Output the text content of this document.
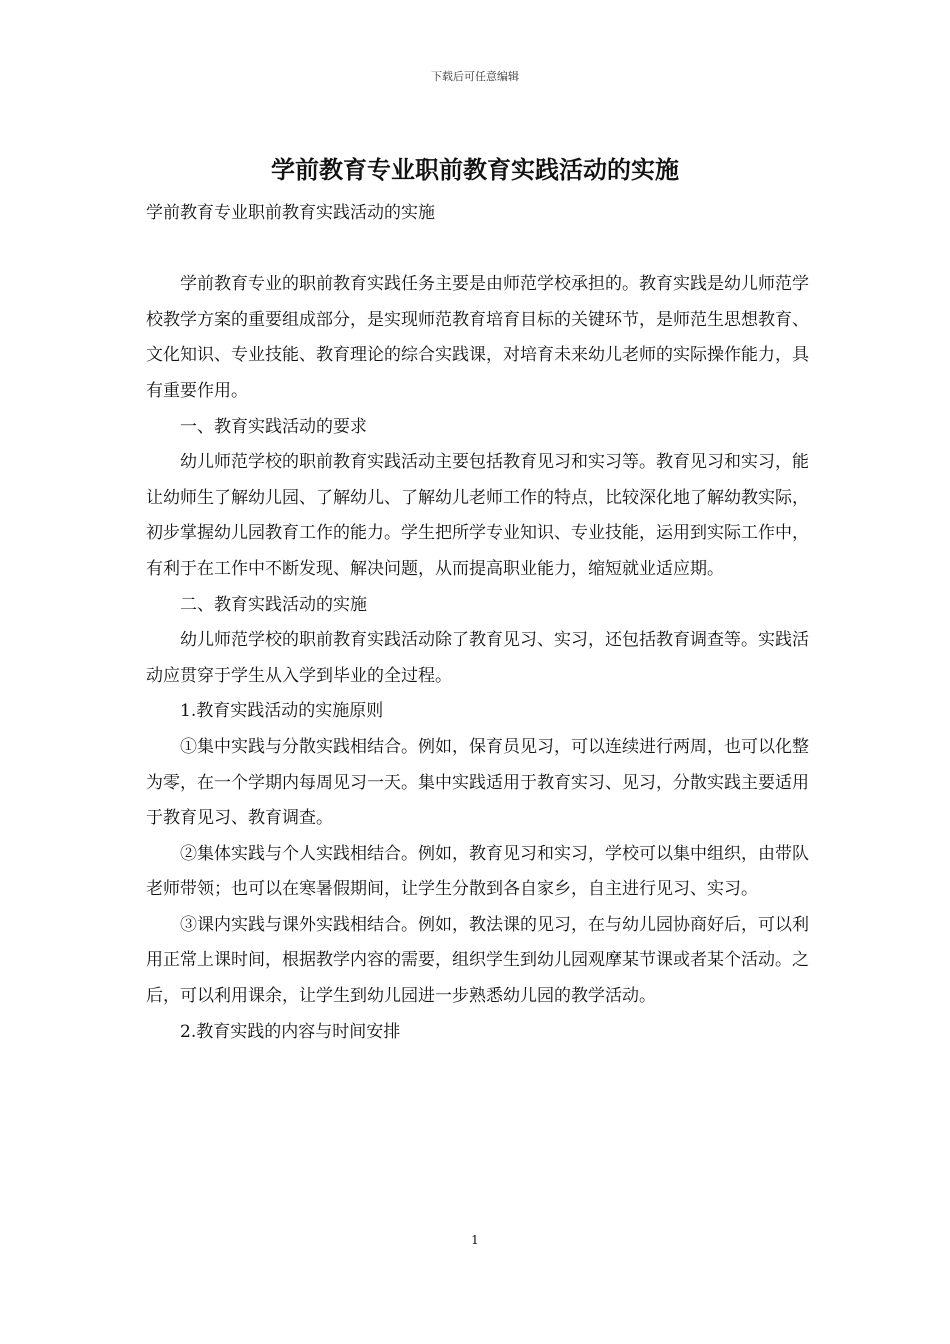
下载后可任意编辑
学前教育专业职前教育实践活动的实施

学前教育专业职前教育实践活动的实施

学前教育专业的职前教育实践任务主要是由师范学校承担的。教育实践是幼儿师范学校教学方案的重要组成部分，是实现师范教育培育目标的关键环节，是师范生思想教育、文化知识、专业技能、教育理论的综合实践课，对培育未来幼儿老师的实际操作能力，具有重要作用。

一、教育实践活动的要求

幼儿师范学校的职前教育实践活动主要包括教育见习和实习等。教育见习和实习，能让幼师生了解幼儿园、了解幼儿、了解幼儿老师工作的特点，比较深化地了解幼教实际，初步掌握幼儿园教育工作的能力。学生把所学专业知识、专业技能，运用到实际工作中，有利于在工作中不断发现、解决问题，从而提高职业能力，缩短就业适应期。

二、教育实践活动的实施

幼儿师范学校的职前教育实践活动除了教育见习、实习，还包括教育调查等。实践活动应贯穿于学生从入学到毕业的全过程。

1.教育实践活动的实施原则

①集中实践与分散实践相结合。例如，保育员见习，可以连续进行两周，也可以化整为零，在一个学期内每周见习一天。集中实践适用于教育实习、见习，分散实践主要适用于教育见习、教育调查。

②集体实践与个人实践相结合。例如，教育见习和实习，学校可以集中组织，由带队老师带领；也可以在寒暑假期间，让学生分散到各自家乡，自主进行见习、实习。

③课内实践与课外实践相结合。例如，教法课的见习，在与幼儿园协商好后，可以利用正常上课时间，根据教学内容的需要，组织学生到幼儿园观摩某节课或者某个活动。之后，可以利用课余，让学生到幼儿园进一步熟悉幼儿园的教学活动。

2.教育实践的内容与时间安排

1
